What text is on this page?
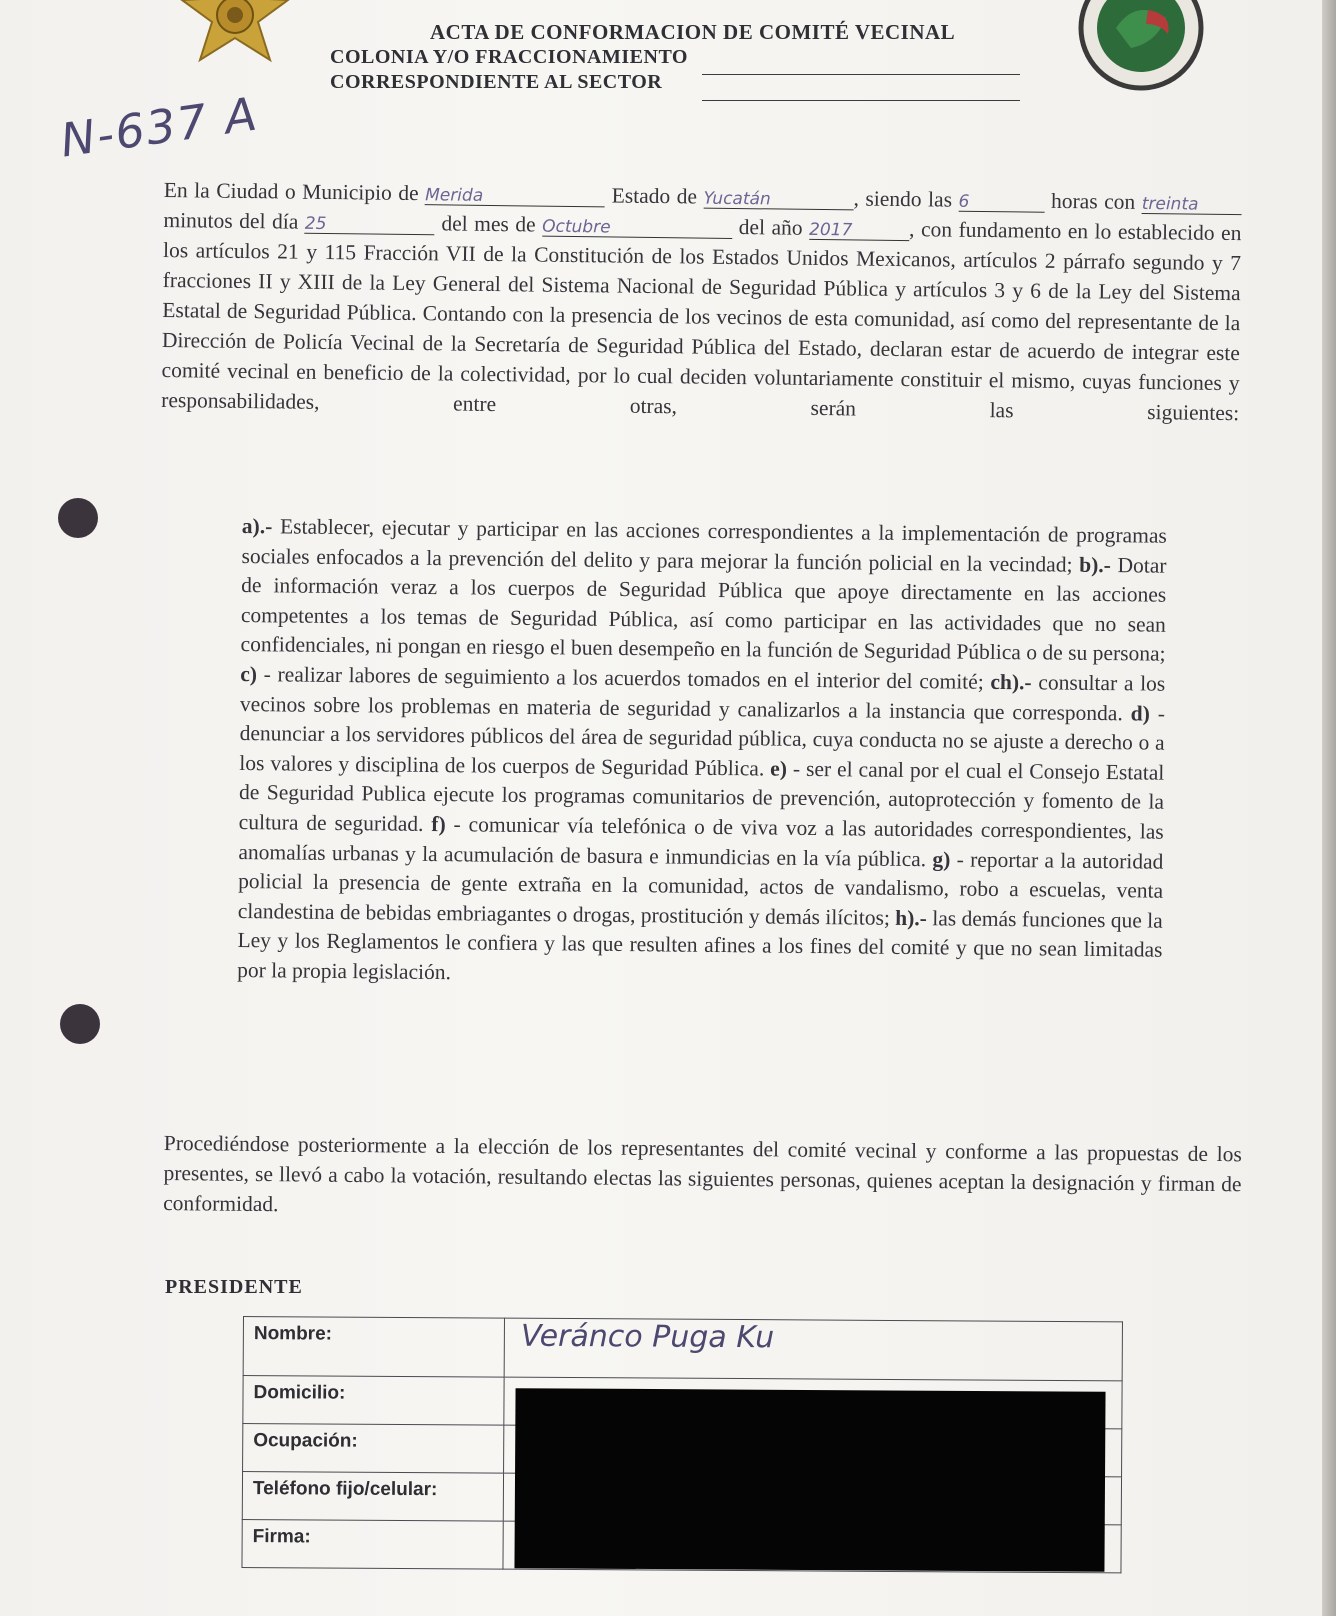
ACTA DE CONFORMACION DE COMITÉ VECINAL
COLONIA Y/O FRACCIONAMIENTO
CORRESPONDIENTE AL SECTOR
N-637 A
En la Ciudad o Municipio de Merida	Estado de Yucatán	, siendo las 6	horas con treinta minutos del día 25	del mes de Octubre	del año 2017	, con fundamento en lo establecido en los artículos 21 y 115 Fracción VII de la Constitución de los Estados Unidos Mexicanos, artículos 2 párrafo segundo y 7 fracciones II y XIII de la Ley General del Sistema Nacional de Seguridad Pública y artículos 3 y 6 de la Ley del Sistema Estatal de Seguridad Pública. Contando con la presencia de los vecinos de esta comunidad, así como del representante de la Dirección de Policía Vecinal de la Secretaría de Seguridad Pública del Estado, declaran estar de acuerdo de integrar este comité vecinal en beneficio de la colectividad, por lo cual deciden voluntariamente constituir el mismo, cuyas funciones y responsabilidades, entre otras, serán las	siguientes:
a).- Establecer, ejecutar y participar en las acciones correspondientes a la implementación de programas sociales enfocados a la prevención del delito y para mejorar la función policial en la vecindad; b).- Dotar de información veraz a los cuerpos de Seguridad Pública que apoye directamente en las acciones competentes a los temas de Seguridad Pública, así como participar en las actividades que no sean confidenciales, ni pongan en riesgo el buen desempeño en la función de Seguridad Pública o de su persona; c) - realizar labores de seguimiento a los acuerdos tomados en el interior del comité; ch).- consultar a los vecinos sobre los problemas en materia de seguridad y canalizarlos a la instancia que corresponda. d) - denunciar a los servidores públicos del área de seguridad pública, cuya conducta no se ajuste a derecho o a los valores y disciplina de los cuerpos de Seguridad Pública. e) - ser el canal por el cual el Consejo Estatal de Seguridad Publica ejecute los programas comunitarios de prevención, autoprotección y fomento de la cultura de seguridad. f) - comunicar vía telefónica o de viva voz a las autoridades correspondientes, las anomalías urbanas y la acumulación de basura e inmundicias en la vía pública. g) - reportar a la autoridad policial la presencia de gente extraña en la comunidad, actos de vandalismo, robo a escuelas, venta clandestina de bebidas embriagantes o drogas, prostitución y demás ilícitos; h).- las demás funciones que la Ley y los Reglamentos le confiera y las que resulten afines a los fines del comité y que no sean limitadas por la propia legislación.
Procediéndose posteriormente a la elección de los representantes del comité vecinal y conforme a las propuestas de los presentes, se llevó a cabo la votación, resultando electas las siguientes personas, quienes aceptan la designación y firman de conformidad.
PRESIDENTE
Nombre:	Veránco Puga Ku
Domicilio:	
Ocupación:	
Teléfono fijo/celular:	
Firma:	
